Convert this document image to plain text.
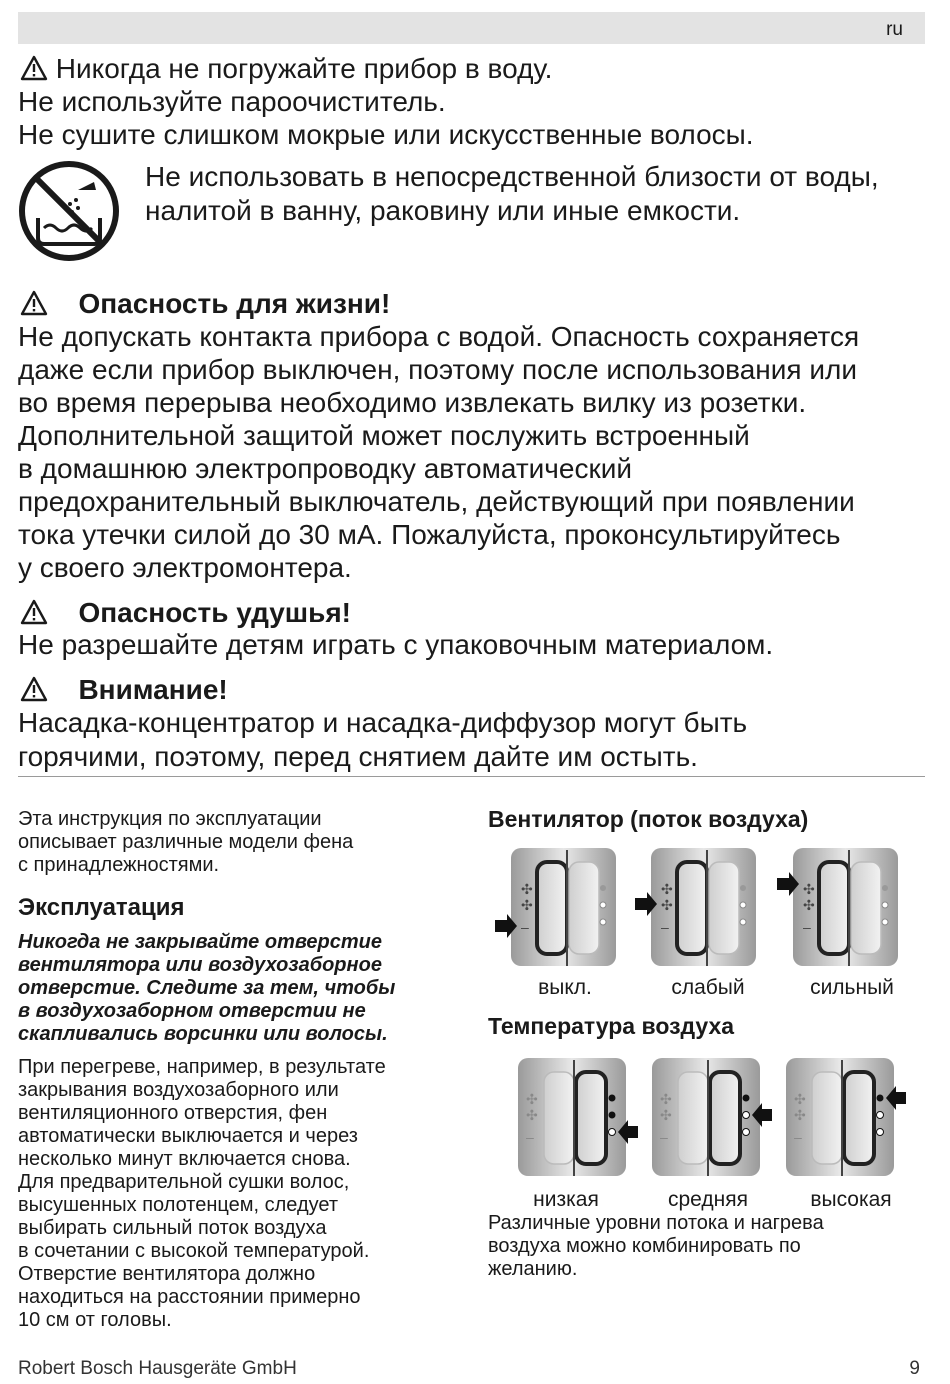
ru
Никогда не погружайте прибор в воду.
Не используйте пароочиститель.
Не сушите слишком мокрые или искусственные волосы.
Не использовать в непосредственной близости от воды,
налитой в ванну, раковину или иные емкости.
Опасность для жизни!
Не допускать контакта прибора с водой. Опасность сохраняется
даже если прибор выключен, поэтому после использования или
во время перерыва необходимо извлекать вилку из розетки.
Дополнительной защитой может послужить встроенный
в домашнюю электропроводку автоматический
предохранительный выключатель, действующий при появлении
тока утечки силой до 30 мА. Пожалуйста, проконсультируйтесь
у своего электромонтера.
Опасность удушья!
Не разрешайте детям играть с упаковочным материалом.
Внимание!
Насадка-концентратор и насадка-диффузор могут быть
горячими, поэтому, перед снятием дайте им остыть.
Эта инструкция по эксплуатации
описывает различные модели фена
с принадлежностями.
Эксплуатация
Никогда не закрывайте отверстие
вентилятора или воздухозаборное
отверстие. Следите за тем, чтобы
в воздухозаборном отверстии не
скапливались ворсинки или волосы.
При перегреве, например, в результате
закрывания воздухозаборного или
вентиляционного отверстия, фен
автоматически выключается и через
несколько минут включается снова.
Для предварительной сушки волос,
высушенных полотенцем, следует
выбирать сильный поток воздуха
в сочетании с высокой температурой.
Отверстие вентилятора должно
находиться на расстоянии примерно
10 см от головы.
Вентилятор (поток воздуха)
✣
✣
–
✣
✣
–
✣
✣
–
выкл.	слабый	сильный
Температура воздуха
✣
✣
–
✣
✣
–
✣
✣
–
низкая	средняя	высокая
Различные уровни потока и нагрева
воздуха можно комбинировать по
желанию.
Robert Bosch Hausgeräte GmbH	9
